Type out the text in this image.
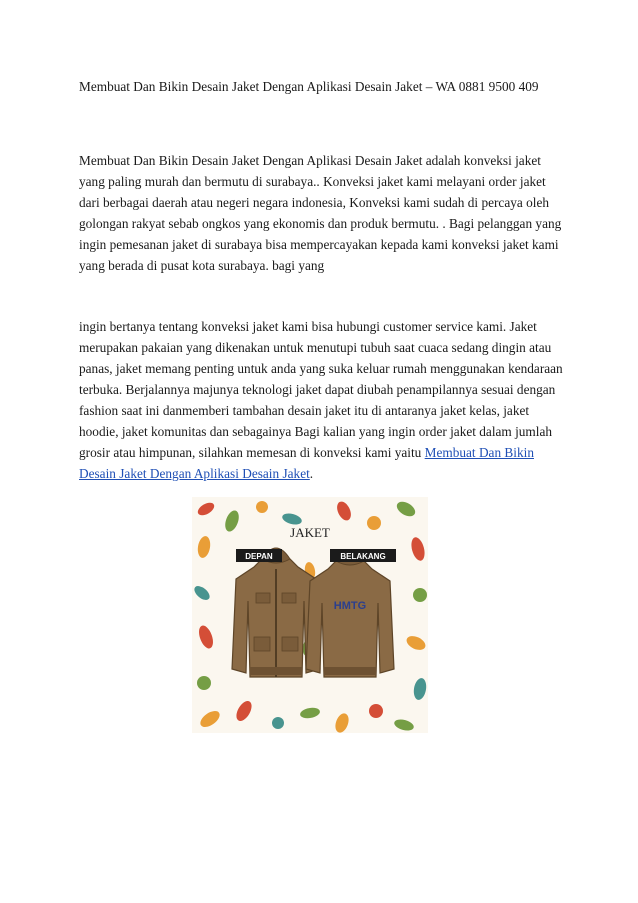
Membuat Dan Bikin Desain Jaket Dengan Aplikasi Desain Jaket – WA 0881 9500 409

Membuat Dan Bikin Desain Jaket Dengan Aplikasi Desain Jaket adalah konveksi jaket yang paling murah dan bermutu di surabaya.. Konveksi jaket kami melayani order jaket dari berbagai daerah atau negeri negara indonesia, Konveksi kami sudah di percaya oleh golongan rakyat sebab ongkos yang ekonomis dan produk bermutu. . Bagi pelanggan yang ingin pemesanan jaket di surabaya bisa mempercayakan kepada kami konveksi jaket kami yang berada di pusat kota surabaya. bagi yang

ingin bertanya tentang konveksi jaket kami bisa hubungi customer service kami. Jaket merupakan pakaian yang dikenakan untuk menutupi tubuh saat cuaca sedang dingin atau panas, jaket memang penting untuk anda yang suka keluar rumah menggunakan kendaraan terbuka. Berjalannya majunya teknologi jaket dapat diubah penampilannya sesuai dengan fashion saat ini danmemberi tambahan desain jaket itu di antaranya jaket kelas, jaket hoodie, jaket komunitas dan sebagainya Bagi kalian yang ingin order jaket dalam jumlah grosir atau himpunan, silahkan memesan di konveksi kami yaitu Membuat Dan Bikin Desain Jaket Dengan Aplikasi Desain Jaket.

JAKET
DEPAN	BELAKANG
HMTG
